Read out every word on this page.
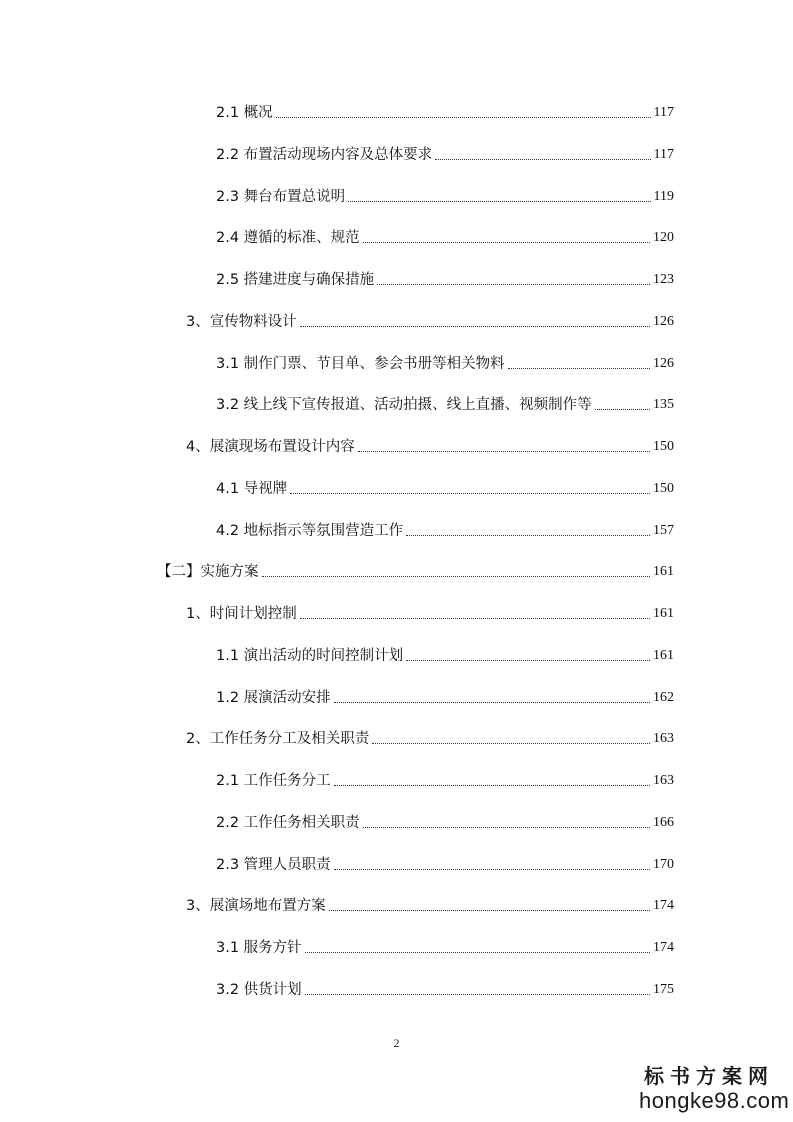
2.1 概况	117
2.2 布置活动现场内容及总体要求	117
2.3 舞台布置总说明	119
2.4 遵循的标准、规范	120
2.5 搭建进度与确保措施	123
3、宣传物料设计	126
3.1 制作门票、节目单、参会书册等相关物料	126
3.2 线上线下宣传报道、活动拍摄、线上直播、视频制作等	135
4、展演现场布置设计内容	150
4.1 导视牌	150
4.2 地标指示等氛围营造工作	157
【二】实施方案	161
1、时间计划控制	161
1.1 演出活动的时间控制计划	161
1.2 展演活动安排	162
2、工作任务分工及相关职责	163
2.1 工作任务分工	163
2.2 工作任务相关职责	166
2.3 管理人员职责	170
3、展演场地布置方案	174
3.1 服务方针	174
3.2 供货计划	175
2
标书方案网
hongke98.com
